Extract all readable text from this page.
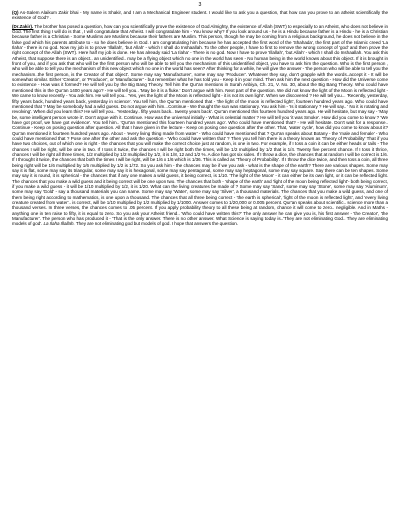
3

(Q) As-Salem Alaikum Zakir bhai - My name is Shakir, and I am a Mechanical Engineer student. I would like to ask you a question, that how can you prove to an atheist scientifically the existence of God? .

(Dr.Zakir). The brother has posed a question, how can you scientifically prove the existence of God Almighty, the existence of Allah (SWT) to especially to an Atheist, who does not believe in God. The first thing I will do is that , I will congratulate that Atheist. I will congratulate him - You know why? If you look around us - he is a Hindu because father is a Hindu - he is a Christian because father is a Christian - Some Muslims are Muslims because their fathers are Muslim. This person, though he may be coming from a religious background, he does not believe in the false god which his parents attribute to - so he does believe in God. I am congratulating him because he has accepted the first word of the 'Shahada', the first part of the Islamic creed 'La Ilaha' - there is no god. Now my job is to prove 'Illallah', 'but Allah' - which I shall do Inshaallah. To the other people, I have to first to remove the wrong concept of 'god' and then prove the right concept of the Allah (SWT). Here half my job is done. He has already said 'La Ilaha' - There is no god. Now I have to prove 'Illallah', 'but Allah' - which I shall do Inshaallah. You ask this Atheist, that suppose there is an object.. an unidentified.. may be a flying object which no one in the world has seen - No human being in the world knows about this object. If it is brought in front of you, and if you ask that who will be the first person who will be able to tell you the mechanism of this unidentified object, you have to ask him the question. Who is the first person , who will be able to tell you the mechanism of this new object which no one in the world has seen? After thinking for a while, he will give the answer - 'the person who will be able to tell you the mechanism..the first person, is the Creator of that object'. Some may say 'Manufacturer', some may say 'Producer'. Whatever they say, don't grapple with the words..accept it - It will be somewhat similar. Either 'Creator', or 'Producer', or 'Manufacturer' - but remember what he has told you - Keep it in your mind. Then ask him the next question - How did the Universe come to existence - How was it formed? He will tell you by the Big Bang Theory. Tell him the Qur'an mentions in Surah Anbiya, Ch. 21, V. No. 30, about the Big Bang Theory. Who could have mentioned this in the Qur'an 1400 years ago? - He will tell you.. 'May be it is a fluke.' Don't argue with him. Next part of the question. We did not know the light of the Moon is reflected light - We came to know recently - You ask him. He will tell you.. 'Yes, yes the light of the Moon is reflected light - it is not its own light'. When we discovered ? He will tell you... 'Recently, yesterday, fifty years back, hundred years back, yesterday in science'. You tell him, the Qur'an mentioned that - 'the light of the moon is reflected light', fourteen hundred years ago. Who could have mentioned that ? May be somebody had a wild guess. Do not argue with him...Continue - We thought the sun was stationary. You ask him - 'Is it stationary ? He will say.. ' No it is rotating and revolving'. When did you learn this? He will tell you.. 'Yesterday.. fifty years back.. twenty years back'. Qur'an mentioned this fourteen hundred years ago. He will hesitate, but may say - 'May be, some intelligent person wrote it'. Don't argue with it. Continue. How was the universal initially - What is celestial matter ? He will tell you 'it was Smoke'. How did you come to know ? 'We have got proof, we have got evidence'. You tell him.. 'Qur'an mentioned this fourteen hundred years ago'. Who could have mentioned that? - He will hesitate. Don't wait for a response.. Continue - Keep on posing question after question. All that I have given in the lecture - Keep on posing one question after the other. That, 'water cycle', how did you come to know about it? Qur'an mentioned it fourteen hundred years ago. About - 'every living thing made from water' - Who could have mentioned that ? Qur'an speaks about Botany - the 'male and female' - Who could have mentioned that ? Pose one after the other and ask the question - 'Who could have written that' ? Then you tell him there is a theory known as 'Theory of Probability' That if you have two choices, out of which one is right - the chances that you will make the correct choice just at random, is one in two. For example, if I toss a coin it can be either heads or tails - The chances I will be right, will be one in two. If I toss it twice, the chances I will be right both the times, will be 1/2 multiplied by 1/2 that is 1/4. Twenty five percent chance. If I toss it thrice, chances I will be right all three times, 1/2 multiplied by 1/2 multiplied by 1/2, it is 1/8, 12 and 1/2 %. A dice has got six sides. If I throw a dice, the chances that at random I will be correct is 1/6. If I throught it twice, the chances that both the times I will be right, will be 1/6 x 1/6 which is 1/36. This is called as 'Theory of Probability'. If I throw the dice twice, and then toss a coin, all three being right will be 1/6 multiplied by 1/6 multiplied by 1/2 is 1/72. So you ask him - the chances may be if we you ask - what is the shape of the earth? There are various shapes. Some may say it is flat, some may say its triangular, some may say it is hexagonal, some may say pentagonal, some may say heptagonal, some may say square. Say there can be ten shapes. Some may say it is round, it is spherical - the chances that if any one makes a wild guess, it being correct, is 1/10. 'The light of the Moon' - it can either be its own light, or it can be reflected light. The chances that you make a wild guess and it being correct will be one upon two. The chances that both - 'shape of the earth' and 'light of the moon being reflected light'- both being correct, if you make a wild guess - it will be 1/10 multiplied by 1/2, it is 1/20. What can the living creatures be made of ? Some may say 'Sand', some may say 'Stone', some may say 'Aluminum', some may say 'Gold' - say a thousand materials you can name. Some may say 'Water', some may say 'Silver', a thousand materials. The chances that you make a wild guess, and one of them being right according to mathematics, is one upon a thousand. The chances that all three being correct - 'the earth is spherical', 'light of the moon is reflected light', and 'every living creature created from water'.. is correct, will be 1/10 multiplied by 1/2 multiplied by 1/1000. Answer comes to 1/20,000 or 0.005 percent. Qur'an speaks about scientific.. science more than a thousand verses. In three verses, the chances comes to .05 percent. If you apply probability theory to all these being at random, chance it will come to zero.. negligible. And in Maths - anything one in ten raise to fifty, it is equal to zero. So you ask your Atheist friend.. 'Who could have written this?' The only answer he can give you is, his first answer - 'the Creator', 'the Manufacturer'. The person who has produced it - 'That is the only answer. There is no other answer. What Science is saying today is..'They are not eliminating God.. They are eliminating models of god'. La Ilaha Illallah. They are not eliminating god but models of god. I hope that answers the question.
